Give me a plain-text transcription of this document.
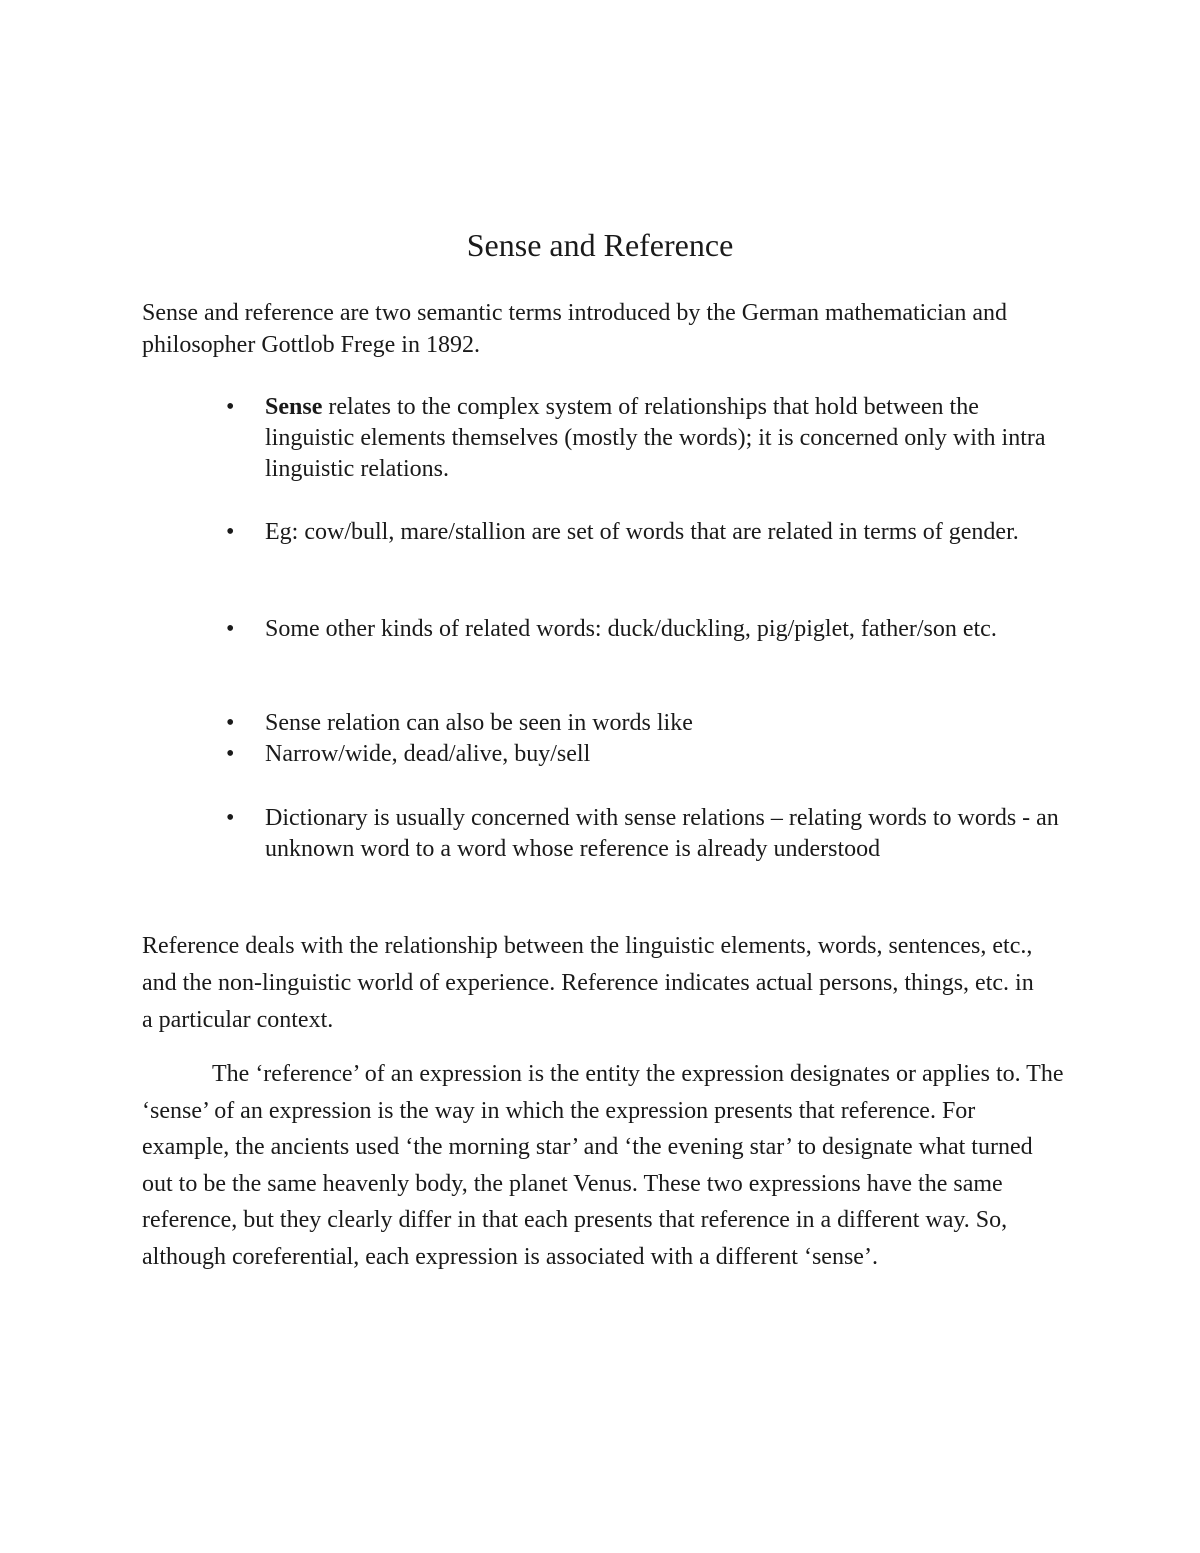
Sense and Reference

Sense and reference are two semantic terms introduced by the German mathematician and philosopher Gottlob Frege in 1892.

•	Sense relates to the complex system of relationships that hold between the linguistic elements themselves (mostly the words); it is concerned only with intra linguistic relations.
•	Eg: cow/bull, mare/stallion are set of words that are related in terms of gender.
•	Some other kinds of related words: duck/duckling, pig/piglet, father/son etc.
•	Sense relation can also be seen in words like
•	Narrow/wide, dead/alive, buy/sell
•	Dictionary is usually concerned with sense relations – relating words to words - an unknown word to a word whose reference is already understood

Reference deals with the relationship between the linguistic elements, words, sentences, etc., and the non-linguistic world of experience. Reference indicates actual persons, things, etc. in a particular context.

The ‘reference’ of an expression is the entity the expression designates or applies to. The ‘sense’ of an expression is the way in which the expression presents that reference. For example, the ancients used ‘the morning star’ and ‘the evening star’ to designate what turned out to be the same heavenly body, the planet Venus. These two expressions have the same reference, but they clearly differ in that each presents that reference in a different way. So, although coreferential, each expression is associated with a different ‘sense’.
